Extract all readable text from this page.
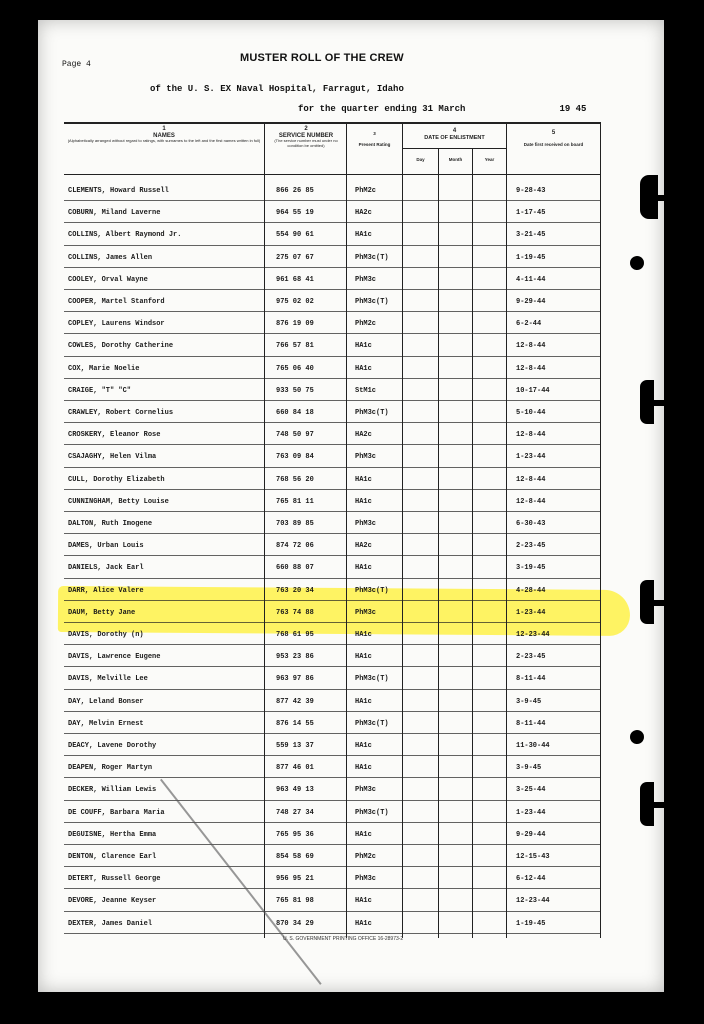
Page 4
MUSTER ROLL OF THE CREW
of the U. S. EX Naval Hospital, Farragut, Idaho
for the quarter ending 31 March	19 45
1
NAMES
(Alphabetically arranged without regard to ratings, with surnames to the left and the first names written in full)
2
SERVICE NUMBER
(The service number must under no condition be omitted)
3
Present Rating
4
DATE OF ENLISTMENT
Day	Month	Year
5
Date first received on board
CLEMENTS, Howard Russell	866 26 85	PhM2c	9-28-43
COBURN, Miland Laverne	964 55 19	HA2c	1-17-45
COLLINS, Albert Raymond Jr.	554 90 61	HA1c	3-21-45
COLLINS, James Allen	275 07 67	PhM3c(T)	1-19-45
COOLEY, Orval Wayne	961 68 41	PhM3c	4-11-44
COOPER, Martel Stanford	975 02 02	PhM3c(T)	9-29-44
COPLEY, Laurens Windsor	876 19 09	PhM2c	6-2-44
COWLES, Dorothy Catherine	766 57 81	HA1c	12-8-44
COX, Marie Noelie	765 06 40	HA1c	12-8-44
CRAIGE, "T" "C"	933 50 75	StM1c	10-17-44
CRAWLEY, Robert Cornelius	660 84 18	PhM3c(T)	5-10-44
CROSKERY, Eleanor Rose	748 50 97	HA2c	12-8-44
CSAJAGHY, Helen Vilma	763 09 84	PhM3c	1-23-44
CULL, Dorothy Elizabeth	768 56 20	HA1c	12-8-44
CUNNINGHAM, Betty Louise	765 81 11	HA1c	12-8-44
DALTON, Ruth Imogene	703 89 85	PhM3c	6-30-43
DAMES, Urban Louis	874 72 06	HA2c	2-23-45
DANIELS, Jack Earl	660 88 07	HA1c	3-19-45
DARR, Alice Valere	763 20 34	PhM3c(T)	4-28-44
DAUM, Betty Jane	763 74 88	PhM3c	1-23-44
DAVIS, Dorothy (n)	768 61 95	HA1c	12-23-44
DAVIS, Lawrence Eugene	953 23 86	HA1c	2-23-45
DAVIS, Melville Lee	963 97 86	PhM3c(T)	8-11-44
DAY, Leland Bonser	877 42 39	HA1c	3-9-45
DAY, Melvin Ernest	876 14 55	PhM3c(T)	8-11-44
DEACY, Lavene Dorothy	559 13 37	HA1c	11-30-44
DEAPEN, Roger Martyn	877 46 01	HA1c	3-9-45
DECKER, William Lewis	963 49 13	PhM3c	3-25-44
DE COUFF, Barbara Maria	748 27 34	PhM3c(T)	1-23-44
DEGUISNE, Hertha Emma	765 95 36	HA1c	9-29-44
DENTON, Clarence Earl	854 58 69	PhM2c	12-15-43
DETERT, Russell George	956 95 21	PhM3c	6-12-44
DEVORE, Jeanne Keyser	765 81 98	HA1c	12-23-44
DEXTER, James Daniel	870 34 29	HA1c	1-19-45
U. S. GOVERNMENT PRINTING OFFICE 16-28973-2
